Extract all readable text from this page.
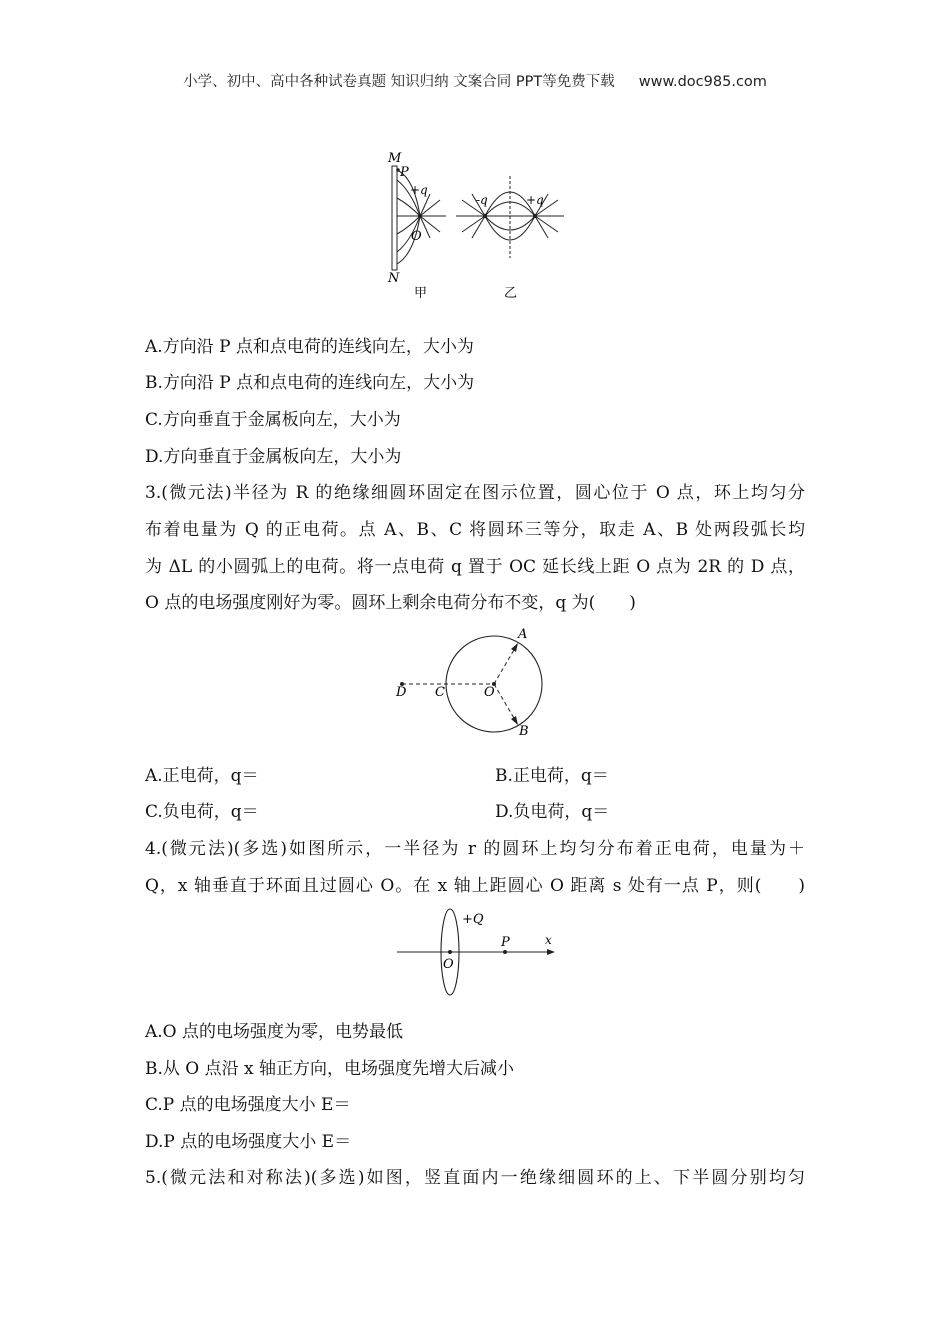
小学、初中、高中各种试卷真题 知识归纳 文案合同 PPT等免费下载 www.doc985.com
M
P
+q
O
N
-q	+q
甲	乙
A.方向沿 P 点和点电荷的连线向左，大小为
B.方向沿 P 点和点电荷的连线向左，大小为
C.方向垂直于金属板向左，大小为
D.方向垂直于金属板向左，大小为
3.(微元法)半径为 R 的绝缘细圆环固定在图示位置，圆心位于 O 点，环上均匀分
布着电量为 Q 的正电荷。点 A、B、C 将圆环三等分，取走 A、B 处两段弧长均
为 ΔL 的小圆弧上的电荷。将一点电荷 q 置于 OC 延长线上距 O 点为 2R 的 D 点，
O 点的电场强度刚好为零。圆环上剩余电荷分布不变，q 为(　　)
A
B
C
D	O
A.正电荷，q＝	B.正电荷，q＝
C.负电荷，q＝	D.负电荷，q＝
4.(微元法)(多选)如图所示，一半径为 r 的圆环上均匀分布着正电荷，电量为＋
Q，x 轴垂直于环面且过圆心 O。在 x 轴上距圆心 O 距离 s 处有一点 P，则(　　)
+Q
O
P	x
A.O 点的电场强度为零，电势最低
B.从 O 点沿 x 轴正方向，电场强度先增大后减小
C.P 点的电场强度大小 E＝
D.P 点的电场强度大小 E＝
5.(微元法和对称法)(多选)如图，竖直面内一绝缘细圆环的上、下半圆分别均匀
